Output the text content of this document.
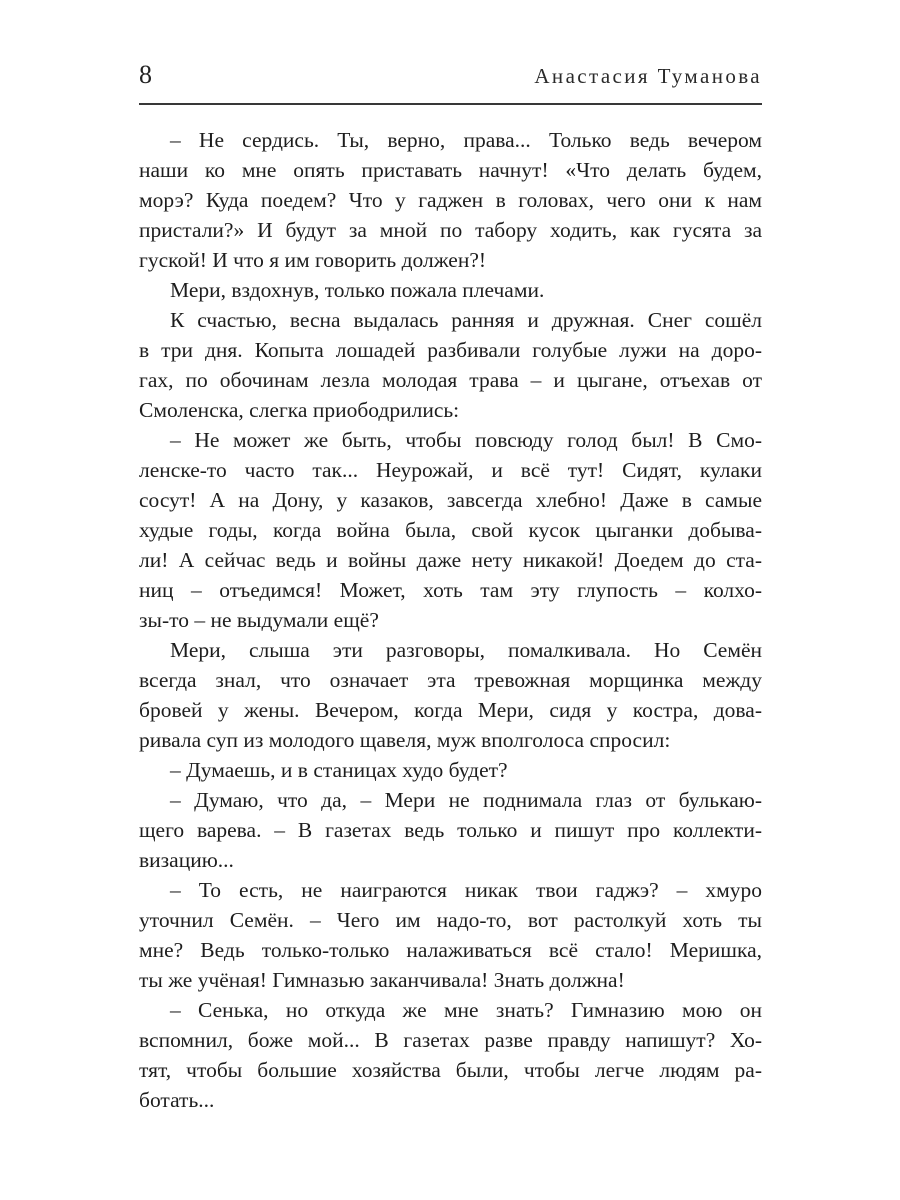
8	Анастасия Туманова
– Не сердись. Ты, верно, права... Только ведь вечером
наши ко мне опять приставать начнут! «Что делать будем,
морэ? Куда поедем? Что у гаджен в головах, чего они к нам
пристали?» И будут за мной по табору ходить, как гусята за
гуской! И что я им говорить должен?!
Мери, вздохнув, только пожала плечами.
К счастью, весна выдалась ранняя и дружная. Снег сошёл
в три дня. Копыта лошадей разбивали голубые лужи на доро-
гах, по обочинам лезла молодая трава – и цыгане, отъехав от
Смоленска, слегка приободрились:
– Не может же быть, чтобы повсюду голод был! В Смо-
ленске-то часто так... Неурожай, и всё тут! Сидят, кулаки
сосут! А на Дону, у казаков, завсегда хлебно! Даже в самые
худые годы, когда война была, свой кусок цыганки добыва-
ли! А сейчас ведь и войны даже нету никакой! Доедем до ста-
ниц – отъедимся! Может, хоть там эту глупость – колхо-
зы-то – не выдумали ещё?
Мери, слыша эти разговоры, помалкивала. Но Семён
всегда знал, что означает эта тревожная морщинка между
бровей у жены. Вечером, когда Мери, сидя у костра, дова-
ривала суп из молодого щавеля, муж вполголоса спросил:
– Думаешь, и в станицах худо будет?
– Думаю, что да, – Мери не поднимала глаз от булькаю-
щего варева. – В газетах ведь только и пишут про коллекти-
визацию...
– То есть, не наиграются никак твои гаджэ? – хмуро
уточнил Семён. – Чего им надо-то, вот растолкуй хоть ты
мне? Ведь только-только налаживаться всё стало! Меришка,
ты же учёная! Гимназью заканчивала! Знать должна!
– Сенька, но откуда же мне знать? Гимназию мою он
вспомнил, боже мой... В газетах разве правду напишут? Хо-
тят, чтобы большие хозяйства были, чтобы легче людям ра-
ботать...
